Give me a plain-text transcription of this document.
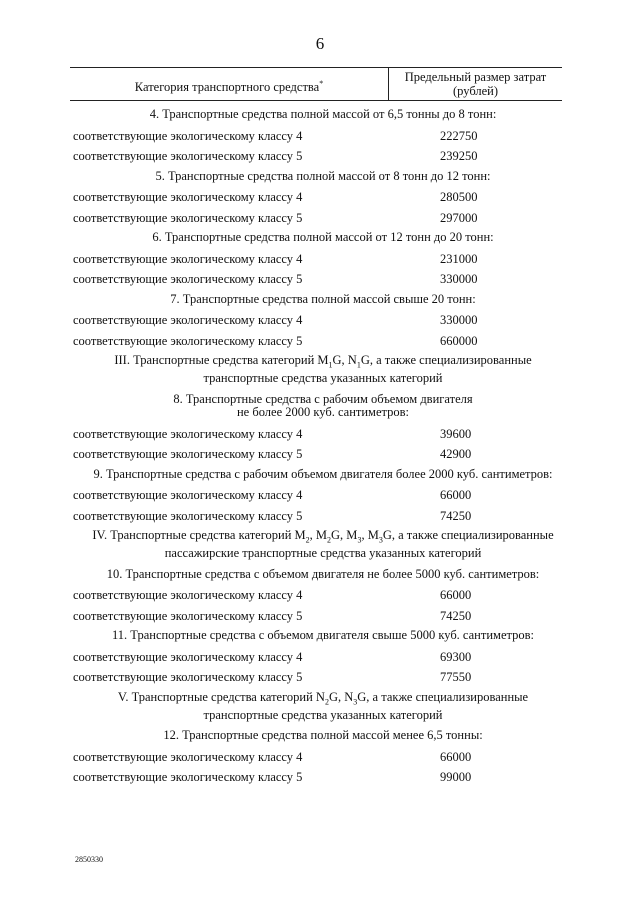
6
Категория транспортного средства*	Предельный размер затрат
(рублей)
4. Транспортные средства полной массой от 6,5 тонны до 8 тонн:
соответствующие экологическому классу 4	222750
соответствующие экологическому классу 5	239250
5. Транспортные средства полной массой от 8 тонн до 12 тонн:
соответствующие экологическому классу 4	280500
соответствующие экологическому классу 5	297000
6. Транспортные средства полной массой от 12 тонн до 20 тонн:
соответствующие экологическому классу 4	231000
соответствующие экологическому классу 5	330000
7. Транспортные средства полной массой свыше 20 тонн:
соответствующие экологическому классу 4	330000
соответствующие экологическому классу 5	660000
III. Транспортные средства категорий $M_1G$, $N_1G$, а также специализированные
транспортные средства указанных категорий
8. Транспортные средства с рабочим объемом двигателя
не более 2000 куб. сантиметров:
соответствующие экологическому классу 4	39600
соответствующие экологическому классу 5	42900
9. Транспортные средства с рабочим объемом двигателя более 2000 куб. сантиметров:
соответствующие экологическому классу 4	66000
соответствующие экологическому классу 5	74250
IV. Транспортные средства категорий $M_2$, $M_2G$, $M_3$, $M_3G$, а также специализированные
пассажирские транспортные средства указанных категорий
10. Транспортные средства с объемом двигателя не более 5000 куб. сантиметров:
соответствующие экологическому классу 4	66000
соответствующие экологическому классу 5	74250
11. Транспортные средства с объемом двигателя свыше 5000 куб. сантиметров:
соответствующие экологическому классу 4	69300
соответствующие экологическому классу 5	77550
V. Транспортные средства категорий $N_2G$, $N_3G$, а также специализированные
транспортные средства указанных категорий
12. Транспортные средства полной массой менее 6,5 тонны:
соответствующие экологическому классу 4	66000
соответствующие экологическому классу 5	99000
2850330
